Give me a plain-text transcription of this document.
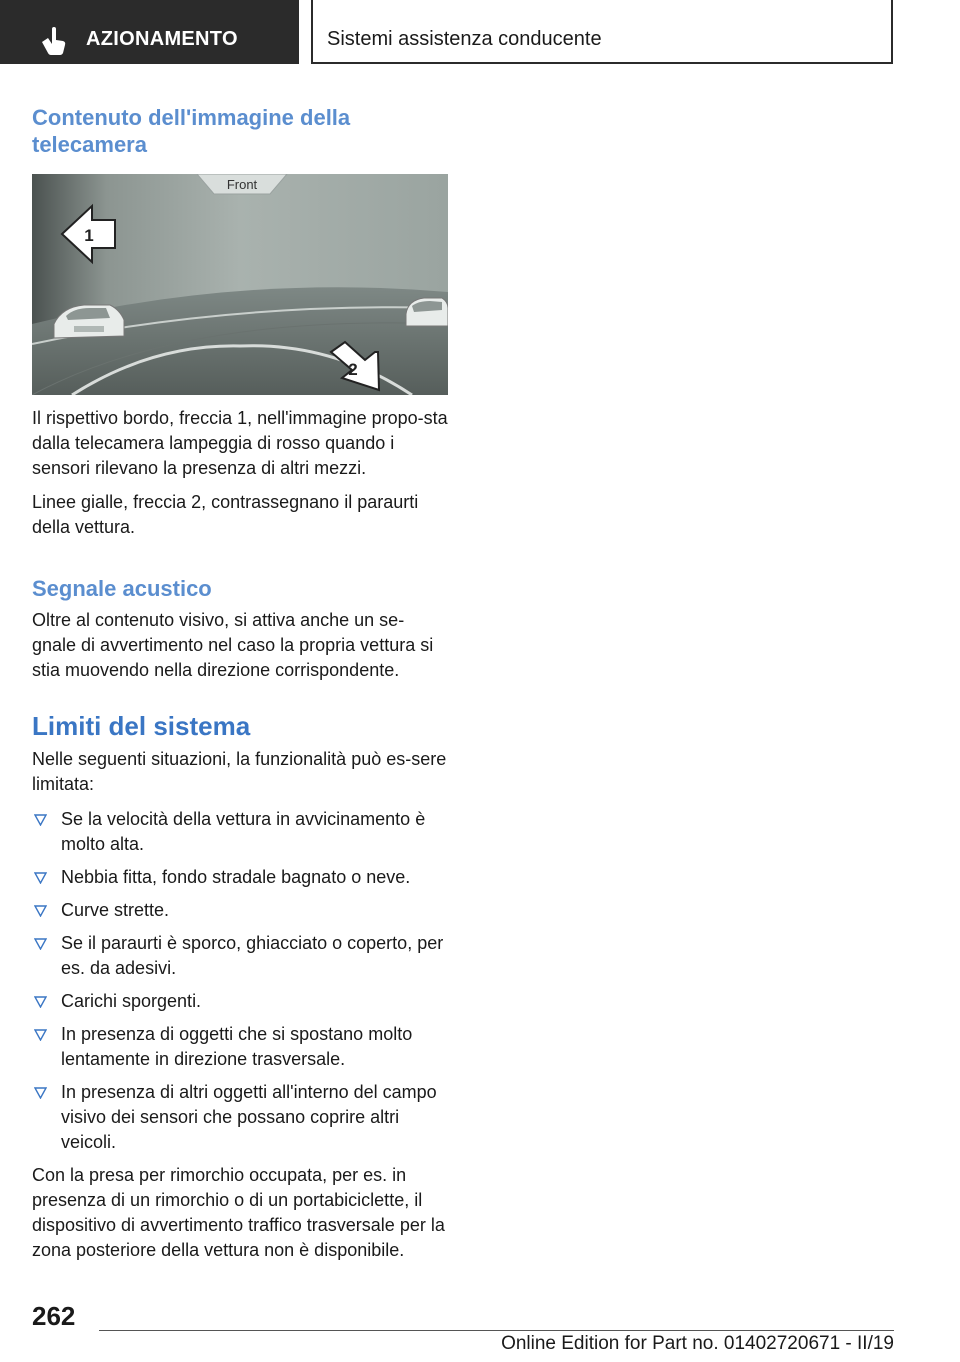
AZIONAMENTO	Sistemi assistenza conducente
Contenuto dell'immagine della telecamera
Front
1
2

Il rispettivo bordo, freccia 1, nell'immagine propo-sta dalla telecamera lampeggia di rosso quando i sensori rilevano la presenza di altri mezzi.

Linee gialle, freccia 2, contrassegnano il paraurti della vettura.

Segnale acustico

Oltre al contenuto visivo, si attiva anche un se-gnale di avvertimento nel caso la propria vettura si stia muovendo nella direzione corrispondente.

Limiti del sistema

Nelle seguenti situazioni, la funzionalità può es-sere limitata:

Se la velocità della vettura in avvicinamento è molto alta.
Nebbia fitta, fondo stradale bagnato o neve.
Curve strette.
Se il paraurti è sporco, ghiacciato o coperto, per es. da adesivi.
Carichi sporgenti.
In presenza di oggetti che si spostano molto lentamente in direzione trasversale.
In presenza di altri oggetti all'interno del campo visivo dei sensori che possano coprire altri veicoli.

Con la presa per rimorchio occupata, per es. in presenza di un rimorchio o di un portabiciclette, il dispositivo di avvertimento traffico trasversale per la zona posteriore della vettura non è disponibile.

262
Online Edition for Part no. 01402720671 - II/19
